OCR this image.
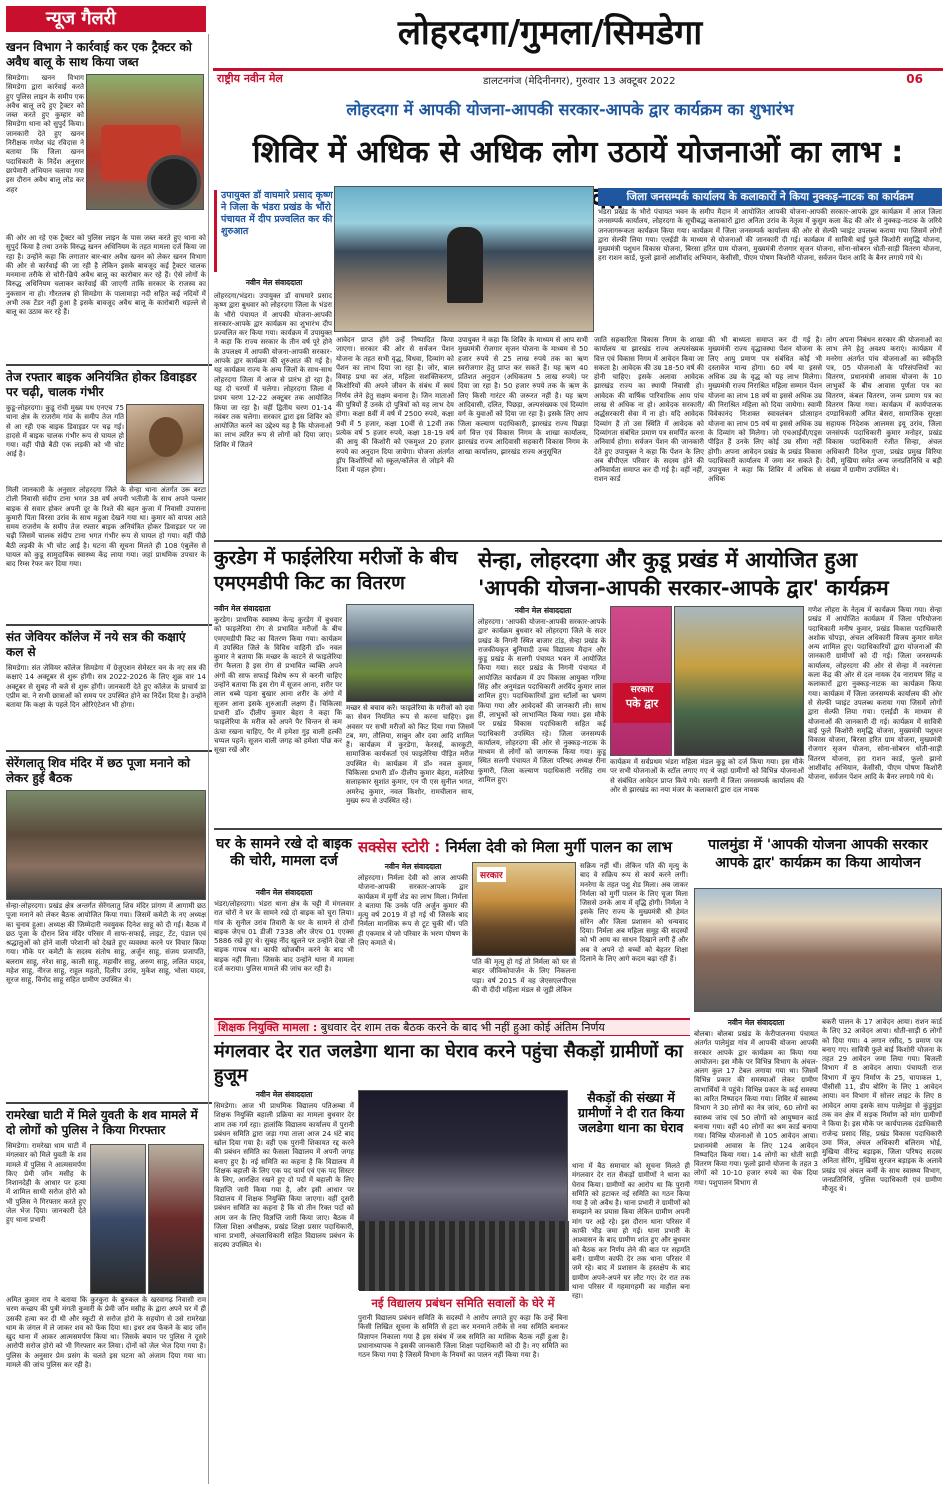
न्यूज गैलरी	लोहरदगा/गुमला/सिमडेगा
राष्ट्रीय नवीन मेल	डालटनगंज (मेदिनीनगर), गुरुवार 13 अक्टूबर 2022	06
खनन विभाग ने कार्रवाई कर एक ट्रैक्टर को अवैध बालू के साथ किया जब्त
सिमडेगा। खनन विभाग सिमडेगा द्वारा कार्रवाई करते हुए पुलिस लाइन के समीप एक अवैध बालू लदे हुए ट्रैक्टर को जब्त करते हुए कुम्हार को सिमडेगा थाना को सुपुर्द किया। जानकारी देते हुए खनन निरीक्षक गणेश चंद्र रविदास ने बताया कि जिला खनन पदाधिकारी के निर्देश अनुसार छापेमारी अभियान चलाया गया इस दौरान अवैध बालू लोड कर शहर
की ओर आ रहे एक ट्रैक्टर को पुलिस लाइन के पास जब्त करते हुए थाना को सुपुर्द किया है तथा उनके विरुद्ध खनन अधिनियम के तहत मामला दर्ज किया जा रहा है। उन्होंने कहा कि लगातार बार-बार अवैध खनन को लेकर खनन विभाग की ओर से कार्रवाई की जा रही है लेकिन इसके बावजूद कई ट्रैक्टर चालक मनमाना तरीके से चोरी-छिपे अवैध बालू का कारोबार कर रहे हैं। ऐसे लोगों के विरुद्ध अधिनियम चलाकर कार्रवाई की जाएगी ताकि सरकार के राजस्व का नुकसान ना हो। गौरतलब हो सिमडेगा के पालामाड़ा नदी सहित कई नदियों में अभी तक टेंडर नहीं हुआ है इसके बावजूद अवैध बालू के कारोबारी धड़ल्ले से बालू का उठाव कर रहे हैं।
तेज रफ्तार बाइक अनियंत्रित होकर डिवाइडर पर चढ़ी, चालक गंभीर
कुडू-लोहरदगा। कुडू रांची मुख्य पथ एनएच 75 थाना क्षेत्र के राजरोम गांव के समीप तेज गति से आ रही एक बाइक डिवाइडर पर चढ़ गई। हादसे में बाइक चालक गंभीर रूप से घायल हो गया। वहीं पीछे बैठी एक लड़की को भी चोट आई है।
मिली जानकारी के अनुसार लोहरदगा जिले के सेन्हा थाना अंतर्गत उरू बरटा टोली निवासी संदीप टाना भगत 38 वर्ष अपनी भतीजी के साथ अपने पल्सर बाइक से सवार होकर अपनी दूर के रिश्ते की बहन कुजा में निवासी उपासना कुमारी पिता विरसा उरांव के साथ महुआ देखने गया था। कुमार को वापस आते समय राजरोम के समीप तेज रफ्तार बाइक अनियंत्रित होकर डिवाइडर पर जा चढ़ी जिसमें चालक संदीप टाना भगत गंभीर रूप से घायल हो गया। वहीं पीछे बैठी लड़की के भी चोट आई है। घटना की सूचना मिलते ही 108 एंबुलेंस से घायल को कुडू सामुदायिक स्वास्थ्य केंद्र लाया गया। जहां प्राथमिक उपचार के बाद रिम्स रेफर कर दिया गया।
संत जेवियर कॉलेज में नये सत्र की कक्षाएं कल से
सिमडेगा। संत जेवियर कॉलेज सिमडेगा में ग्रेजुएशन सेमेस्टर वन के नए सत्र की कक्षाएं 14 अक्टूबर से शुरू होंगी। सत्र 2022-2026 के लिए शुक्र वार 14 अक्टूबर से सुबह नौ बजे से शुरू होंगी। जानकारी देते हुए कॉलेज के प्राचार्य डा एप्रीम बा. ने सभी छात्राओं को समय पर उपस्थित होने का निर्देश दिया है। उन्होंने बताया कि कक्षा के पहले दिन ओरिएंटेशन भी होगा।
सेरेंगलातू शिव मंदिर में छठ पूजा मनाने को लेकर हुई बैठक
सेन्हा-लोहरदगा। प्रखंड क्षेत्र अन्तर्गत सेरेंगलातु शिव मंदिर प्रांगण में आगामी छठ पूजा मनाने को लेकर बैठक आयोजित किया गया। जिसमें कमेटी के नए अध्यक्ष का चुनाव हुआ। अध्यक्ष की जिम्मेदारी नवयुवक दिनेश साहू को दी गई। बैठक में छठ पूजा के दौरान शिव मंदिर परिसर में साफ-सफाई, लाइट, टेंट, पंडाल एवं श्रद्धालुओं को होने वाली परेशानी को देखते हुए व्यवस्था करने पर विचार किया गया। मौके पर कमेटी के सदस्य संतोष साहू, अर्जुन साहू, संजय प्रजापति, बलराम साहू, नरेश साहू, काली साहू, महावीर साहू, अरुण साहू, ललित यादव, महेश साहू, नीरज साहू, राहुल महतो, दिलीप उरांव, मुकेश साहू, भोला यादव, सूरज साहू, विनोद साहू सहित ग्रामीण उपस्थित थे।
रामरेखा घाटी में मिले युवती के शव मामले में दो लोगों को पुलिस ने किया गिरफ्तार
सिमडेगा। रामरेखा धाम घाटी में मंगलवार को मिले युवती के शव मामले में पुलिस ने आत्मसमर्पण किए प्रेमी जॉन मसीह के निशानदेही के आधार पर हत्या में शामिल साथी सरोज होरो को भी पुलिस ने गिरफ्तार करते हुए जेल भेज दिया। जानकारी देते हुए थाना प्रभारी
अमित कुमार राय ने बताया कि कुरकुरा के बुरुकल के खरवागढ़ निवासी राम चरण कच्छप की पुत्री मंगती कुमारी के प्रेमी जॉन मसीह के द्वारा अपने घर में ही उसकी हत्या कर दी थी और स्कूटी से सरोज होरो के सहयोग से उसे रामरेखा धाम के जंगल में ले जाकर शव को फेंक दिया था। इधर शव फेंकने के बाद जॉन खुद थाना में आकर आत्मसमर्पण किया था। जिसके बयान पर पुलिस ने दूसरे आरोपी सरोज होरो को भी गिरफ्तार कर लिया। दोनों को जेल भेज दिया गया है। पुलिस के अनुसार प्रेम प्रसंग के चलते इस घटना को अंजाम दिया गया था। मामले की जांच पुलिस कर रही है।
लोहरदगा में आपकी योजना-आपकी सरकार-आपके द्वार कार्यक्रम का शुभारंभ
शिविर में अधिक से अधिक लोग उठायें योजनाओं का लाभ :
उपायुक्त डॉ वाघमारे प्रसाद कृष्ण ने जिला के भंडरा प्रखंड के भौंरो पंचायत में दीप प्रज्वलित कर की शुरुआत
जिला जनसम्पर्क कार्यालय के कलाकारों ने किया नुक्कड़-नाटक का कार्यक्रम
भंडरा प्रखंड के भौरो पंचायत भवन के समीप मैदान में आयोजित आपकी योजना-आपकी सरकार-आपके द्वार कार्यक्रम में आज जिला जनसम्पर्क कार्यालय, लोहरदगा के सूचीबद्ध कलाकारों द्वारा अनिता उरांव के नेतृत्व में कुसुम कला केंद्र की ओर से नुक्कड़-नाटक के जरिये जनजागरूकता कार्यक्रम किया गया। कार्यक्रम में जिला जनसम्पर्क कार्यालय की ओर से सेल्फी प्वाइंट उपलब्ध कराया गया जिसमें लोगों द्वारा सेल्फी लिया गया। एलईडी के माध्यम से योजनाओं की जानकारी दी गई। कार्यक्रम में सावित्री बाई फुले किशोरी समृद्धि योजना, मुख्यमंत्री पशुधन विकास योजना, बिरसा हरित ग्राम योजना, मुख्यमंत्री रोजगार सृजन योजना, सोना-सोबरन धोती-साड़ी वितरण योजना, हरा राशन कार्ड, फूलो झानो आशीर्वाद अभियान, केसीसी, पीएम पोषण किशोरी योजना, सर्वजन पेंशन आदि के बैनर लगाये गये थे।
नवीन मेल संवाददाता
लोहरदगा/भंडरा। उपायुक्त डॉ वाघमारे प्रसाद कृष्ण द्वारा बुधवार को लोहरदगा जिला के भंडरा के भौंरो पंचायत में आपकी योजना-आपकी सरकार-आपके द्वार कार्यक्रम का शुभारंभ दीप प्रज्वलित कर किया गया। कार्यक्रम में उपायुक्त ने कहा कि राज्य सरकार के तीन वर्ष पूरे होने के उपलक्ष्य में आपकी योजना-आपकी सरकार-आपके द्वार कार्यक्रम की शुरुआत की गई है। यह कार्यक्रम राज्य के अन्य जिलों के साथ-साथ लोहरदगा जिला में आज से प्रारंभ हो रहा है। यह दो चरणों में चलेगा। लोहरदगा जिला में प्रथम चरण 12-22 अक्टूबर तक आयोजित किया जा रहा है। वहीं द्वितीय चरण 01-14 नवंबर तक चलेगा। सरकार द्वारा इस शिविर को आयोजित करने का उद्देश्य यह है कि योजनाओं का लाभ त्वरित रूप से लोगों को दिया जाए। शिविर में जितने
आवेदन प्राप्त होंगे उन्हें निष्पादित किया जाएगा। सरकार की ओर से सर्वजन पेंशन योजना के तहत सभी वृद्ध, विधवा, दिव्यांग को पेंशन का लाभ दिया जा रहा है। जोर, बाल विवाह प्रथा का अंत, महिला सशक्तिकरण, किशोरियों की अपने जीवन के संबंध में स्वयं निर्णय लेने हेतु सक्षम बनाना है। जिन माताओं की पुत्रियों हैं उनके दो पुत्रियों को यह लाभ देय होगा। कक्षा 8वीं में वर्ष में 2500 रुपये, कक्षा 9वीं में 5 हजार, कक्षा 10वीं से 12वीं तक प्रत्येक वर्ष 5 हजार रुपये, कक्षा 18-19 वर्ष की आयु की किशोरी को एकमुश्त 20 हजार रुपये का अनुदान दिया जायेगा। योजना अंतर्गत ड्रॉप किशोरियों को स्कूल/कॉलेज से जोड़ने की दिशा में पहल होगा।
उपायुक्त ने कहा कि शिविर के माध्यम से आप सभी मुख्यमंत्री रोजगार सृजन योजना के माध्यम से 50 हजार रुपये से 25 लाख रुपये तक का ऋण स्वरोजगार हेतु प्राप्त कर सकते हैं। यह ऋण 40 प्रतिशत अनुदान (अधिकतम 5 लाख रुपये) पर दिया जा रहा है। 50 हजार रुपये तक के ऋण के लिए किसी गारंटर की जरूरत नहीं है। यह ऋण आदिवासी, दलित, पिछड़ा, अल्पसंख्यक एवं दिव्यांग वर्ग के युवाओं को दिया जा रहा है। इसके लिए आप जिला कल्याण पदाधिकारी, झारखंड राज्य पिछड़ा वर्ग वित्त एवं विकास निगम के शाखा कार्यालय, झारखंड राज्य आदिवासी सहकारी विकास निगम के शाखा कार्यालय, झारखंड राज्य अनुसूचित
जाति सहकारिता विकास निगम के शाखा कार्यालय या झारखंड राज्य अल्पसंख्यक वित्त एवं विकास निगम में आवेदन किया जा सकता है। आवेदक की उम्र 18-50 वर्ष की होनी चाहिए। इसके अलावा आवेदक झारखंड राज्य का स्थायी निवासी हो। आवेदक की वार्षिक पारिवारिक आय पांच लाख से अधिक ना हो। आवेदक सरकारी/अर्द्धसरकारी सेवा में ना हो। यदि आवेदक दिव्यांग हैं तो उस स्थिति में आवेदक को दिव्यांगता संबंधित प्रमाण पत्र समर्पित करना अनिवार्य होगा। सर्वजन पेंशन की जानकारी देते हुए उपायुक्त ने कहा कि पेंशन के लिए अब बीपीएल परिवार के सदस्य होने की अनिवार्यता समाप्त कर दी गई है। वहीं नहीं, राशन कार्ड
की भी बाध्यता समाप्त कर दी गई है। मुख्यमंत्री राज्य वृद्धावस्था पेंशन योजना के लिए आयु प्रमाण पत्र संबंधित कोई भी दस्तावेज मान्य होगा। 60 वर्ष या इससे अधिक उम्र के वृद्ध को यह लाभ मिलेगा। मुख्यमंत्री राज्य निराश्रित महिला सम्मान पेंशन योजना का लाभ 18 वर्ष या इससे अधिक उम्र की निराश्रित महिला को दिया जायेगा। स्वामी विवेकानंद निःशक्त स्वावलंबन प्रोत्साहन योजना का लाभ 05 वर्ष या इससे अधिक उम्र के दिव्यांग को मिलेगा। जो एचआईवी/एड्स पीड़ित हैं उनके लिए कोई उम्र सीमा नहीं होगी। अपना आवेदन प्रखंड के प्रखंड विकास पदाधिकारी कार्यालय में जमा कर सकते हैं। उपायुक्त ने कहा कि शिविर में अधिक से अधिक
लोग अपना निबंधन सरकार की योजनाओं का लाभ लेने हेतु अवश्य कराएं। कार्यक्रम में मनरेगा अंतर्गत पांच योजनाओं का स्वीकृति पत्र, 05 योजनाओं के परिसंपत्तियों का वितरण, प्रधानमंत्री आवास योजना के 10 लाभुकों के बीच आवास पूर्णता पत्र का वितरण, कंबल वितरण, जन्म प्रमाण पत्र का वितरण किया गया। कार्यक्रम में कार्यपालक दण्डाधिकारी अमित बेसरा, सामाजिक सुरक्षा सहायक निदेशक आलमस इयू उरांव, जिला जनसंपर्क पदाधिकारी कुमार मनोहर, प्रखंड विकास पदाधिकारी रंजीत सिन्हा, अंचल अधिकारी दिनेश गुप्ता, प्रखंड प्रमुख विरिया देवी, मुखिया समेत अन्य जनप्रतिनिधि व बड़ी संख्या में ग्रामीण उपस्थित थे।
कुरडेग में फाईलेरिया मरीजों के बीच एमएमडीपी किट का वितरण
नवीन मेल संवाददाता
कुरडेग। प्राथमिक स्वास्थ्य केन्द्र कुरडेग में बुधवार को फाइलेरिया रोग से प्रभावित मरीजों के बीच एमएमडीपी किट का वितरण किया गया। कार्यक्रम में उपस्थित जिले के विविध वाहिनी डॉ० नवल कुमार ने बताया कि मच्छर के काटने से फाइलेरिया रोग फैलता है इस रोग से प्रभावित व्यक्ति अपने अंगों की साफ सफाई विशेष रूप से करनी चाहिए उन्होंने बताया कि इस रोग में सूजन आना, शरीर पर लाल धब्बे पड़ना बुखार आना शरीर के अंगो में सूजन आना इसके शुरुआती लक्षण हैं। चिकित्सा प्रभारी डॉ० दीलीप कुमार बेहरा ने कहा कि फाइलेरिया के मरीज को अपने पैर चिन्तन से कम ऊंचा रखना चाहिए, पैर में हमेशा गुड़ वाली हल्की चप्पल पहनें। सूजन वाली जगह को हमेशा पोंछ कर सूखा रखें और
मच्छर से बचाव करें। फाइलेरिया के मरीजों को दवा का सेवन नियमित रूप से करना चाहिए। इस अवसर पर सभी मरीजों को किट दिया गया जिसमें टब, मग, तौलिया, साबुन और दवा आदि शामिल हैं। कार्यक्रम में कुरडेगा, केरसई, कारकुटी, सामाजिक कार्यकर्ता एवं फाइलेरिया पीड़ित मरीज उपस्थित थे। कार्यक्रम में डॉ० नवल कुमार, चिकित्सा प्रभारी डॉ० दीलीप कुमार बेहरा, मलेरिया सलाहकार सुशांत कुमार, एन पी एस सुनील भगत, अमरेन्द्र कुमार, नवल किशोर, रामचीलान साय, मुख्य रूप से उपस्थित रहे।
सेन्हा, लोहरदगा और कुडू प्रखंड में आयोजित हुआ
'आपकी योजना-आपकी सरकार-आपके द्वार' कार्यक्रम
नवीन मेल संवाददाता
लोहरदगा। 'आपकी योजना-आपकी सरकार-आपके द्वार' कार्यक्रम बुधवार को लोहरदगा जिले के सदर प्रखंड के निगनी स्थित बाजार टांड, सेन्हा प्रखंड के राजकीयकृत बुनियादी उच्च विद्यालय मैदान और कुडू प्रखंड के सलगी पंचायत भवन में आयोजित किया गया। सदर प्रखंड के निगनी पंचायत में आयोजित कार्यक्रम में उप विकास आयुक्त गरिमा सिंह और अनुमंडल पदाधिकारी अरविंद कुमार लाल शामिल हुए। पदाधिकारियों द्वारा स्टॉलों का भ्रमण किया गया और आवेदकों की जानकारी ली। साथ ही, लाभुकों को लाभान्वित किया गया। इस मौके पर प्रखंड विकास पदाधिकारी सहित कई पदाधिकारी उपस्थित रहे। जिला जनसम्पर्क कार्यालय, लोहरदगा की ओर से नुक्कड़-नाटक के माध्यम से लोगों को जागरूक किया गया। कुडू स्थित सलगी पंचायत में जिला परिषद अध्यक्ष रीना कुमारी, जिला कल्याण पदाधिकारी नरसिंह राम शामिल हुए।
सरकार
पके द्वार
कार्यक्रम में सर्वप्रथम भंडरा महिला मंडल कुडू को दर्ज किया गया। इस मौके पर सभी योजनाओं के स्टॉल लगाए गए थे जहां ग्रामीणों को विभिन्न योजनाओं से संबंधित आवेदन प्राप्त किये गये। सलगी में जिला जनसम्पर्क कार्यालय की ओर से झारखंड का नया मंजर के कलाकारों द्वारा दल नायक
गणेश लोहरा के नेतृत्व में कार्यक्रम किया गया। सेन्हा प्रखंड में आयोजित कार्यक्रम में जिला परियोजना पदाधिकारी मनीष कुमार, प्रखंड विकास पदाधिकारी अशोक चोपड़ा, अंचल अधिकारी विजय कुमार समेत अन्य शामिल हुए। पदाधिकारियों द्वारा योजनाओं की जानकारी ग्रामीणों को दी गई। जिला जनसम्पर्क कार्यालय, लोहरदगा की ओर से सेन्हा में नवरंगला कला केंद्र की ओर से दल नायक देव नारायण सिंह व कलाकारों द्वारा नुक्कड़-नाटक का कार्यक्रम किया गया। कार्यक्रम में जिला जनसम्पर्क कार्यालय की ओर से सेल्फी प्वाइंट उपलब्ध कराया गया जिसमें लोगों द्वारा सेल्फी लिया गया। एलईडी के माध्यम से योजनाओं की जानकारी दी गई। कार्यक्रम में सावित्री बाई फुले किशोरी समृद्धि योजना, मुख्यमंत्री पशुधन विकास योजना, बिरसा हरित ग्राम योजना, मुख्यमंत्री रोजगार सृजन योजना, सोना-सोबरन धोती-साड़ी वितरण योजना, हरा राशन कार्ड, फूलो झानो आशीर्वाद अभियान, केसीसी, पीएम पोषण किशोरी योजना, सर्वजन पेंशन आदि के बैनर लगाये गये थे।
घर के सामने रखे दो बाइक की चोरी, मामला दर्ज
नवीन मेल संवाददाता
भंडरा/लोहरदगा। भंडरा थाना क्षेत्र के चट्टी में मंगलवार रात चोरों ने घर के सामने रखे दो बाइक को चुरा लिया। गांव के सुनील उरांव तिवारी के घर के सामने से दोनों बाइक जेएच 01 डीजी 7338 और जेएच 01 एएक्स 5886 रखे हुए थे। सुबह नींद खुलने पर उन्होंने देखा तो बाइक गायब था। काफी खोजबीन करने के बाद भी बाइक नहीं मिला। जिसके बाद उन्होंने थाना में मामला दर्ज कराया। पुलिस मामले की जांच कर रही है।
सक्सेस स्टोरी : निर्मला देवी को मिला मुर्गी पालन का लाभ
नवीन मेल संवाददाता
लोहरदगा। निर्मला देवी को आज आपकी योजना-आपकी सरकार-आपके द्वार कार्यक्रम में मुर्गी शेड का लाभ मिला। निर्मला ने बताया कि उनके पति अर्जुन कुमार की मृत्यु वर्ष 2019 में हो गई थी जिसके बाद निर्मला मानसिक रूप से टूट चुकी थीं। पति ही एकमात्र थे जो परिवार के भरण पोषण के लिए कमाते थे।
सरकार
पति की मृत्यु हो गई तो निर्मला को घर से बाहर जीविकोपार्जन के लिए निकलना पड़ा। वर्ष 2015 में वह जेएसएलपीएस की वी दीदी महिला मंडल से जुड़ी लेकिन
सक्रिय नहीं थीं। लेकिन पति की मृत्यु के बाद वे सक्रिय रूप से कार्य करने लगीं। मनरेगा के तहत पशु शेड मिला। अब जाकर निर्मला को मुर्गी पालन के लिए चूजा मिला जिससे उनके आय में वृद्धि होगी। निर्मला ने इसके लिए राज्य के मुख्यमंत्री श्री हेमंत सोरेन और जिला प्रशासन को धन्यवाद दिया। निर्मला अब महिला समूह की सदस्यों को भी आय का साधन दिखाने लगी हैं और अब वे अपने दो बच्चों को बेहतर शिक्षा दिलाने के लिए आगे कदम बढ़ा रही हैं।
पालमुंडा में 'आपकी योजना आपकी सरकार आपके द्वार' कार्यक्रम का किया आयोजन
नवीन मेल संवाददाता
बोलबा। बोलबा प्रखंड के केरीपालनमा पंचायत अंतर्गत पालेमुंडा गांव में आपकी योजना आपकी सरकार आपके द्वार कार्यक्रम का किया गया आयोजन। इस मौके पर विभिन्न विभाग के अंचल-अलग कुल 17 टेबल लगाया गया था। जिसमें विभिन्न प्रकार की समस्याओं लेकर ग्रामीण लाभार्थियों ने पहुंचे। विभिन्न प्रकार के कई समस्या का त्वरित निष्पादन किया गया। शिविर में स्वास्थ्य विभाग ने 30 लोगों का नेत्र जांच, 60 लोगों का स्वास्थ्य जांच एवं 50 लोगों को आयुष्मान कार्ड बनाया गया। वहीं 40 लोगों का श्रम कार्ड बनाया गया। विभिन्न योजनाओं से 105 आवेदन आया। प्रधानमंत्री आवास के लिए 124 आवेदन निष्पादित किया गया। 14 लोगों का धोती साड़ी वितरण किया गया। फूलो झानो योजना के तहत 3 लोगों को 10-10 हजार रुपये का चेक दिया गया। पशुपालन विभाग से
बकरी पालन के 17 आवेदन आया। राशन कार्ड के लिए 32 आवेदन आया। धोती-साड़ी 6 लोगों को दिया गया। 4 लगान रसीद, 5 प्रमाण पत्र बनाए गए। सावित्री फुले बाई किशोरी योजना के तहत 29 आवेदन जमा लिया गया। बिजली विभाग में 8 आवेदन आया। पंचायती राज विभाग में कूप निर्माण के 25, चापाकल 1, पीसीसी 11, डीप बोरिंग के लिए 1 आवेदन आया। वन विभाग में सोलर लाइट के लिए 8 आवेदन आया इसके साथ पालेमुंडा से कुंडुमुंडा तक वन क्षेत्र में सड़क निर्माण को मांग ग्रामीणों ने किया है। इस मौके पर कार्यपालक दंडाधिकारी राजेन्द्र प्रसाद सिंह, प्रखंड विकास पदाधिकारी उमा मिंज, अंचल अधिकारी बलिराम भोई, मुखिया वीरेन्द्र बड़ाइक, जिला परिषद सदस्य अनिता सेरिंग, मुखिया सुरजन बड़ाइक के अलावे प्रखंड एवं अंचल कर्मी के साथ स्वास्थ्य विभाग, जनप्रतिनिधि, पुलिस पदाधिकारी एवं ग्रामीण मौजूद थे।
शिक्षक नियुक्ति मामला : बुधवार देर शाम तक बैठक करने के बाद भी नहीं हुआ कोई अंतिम निर्णय
मंगलवार देर रात जलडेगा थाना का घेराव करने पहुंचा सैकड़ों ग्रामीणों का हुजूम
नवीन मेल संवाददाता
सिमडेगा। आज भी प्राथमिक विद्यालय पतिअम्बा में शिक्षक नियुक्ति बहाली प्रक्रिया का मामला बुधवार देर शाम तक गर्म रहा। हालांकि विद्यालय कार्यालय में पुरानी प्रबंधन समिति द्वारा जड़ा गया ताला आज 24 घंटे बाद खोल दिया गया है। वहीं एक पुरानी शिकायत रद्द करने की प्रबंधन समिति का फैसला विद्यालय में अपनी जगह बनाए हुए है। नई समिति का कहना है कि विद्यालय में शिक्षक बहाली के लिए एक पद फार्म एवं एक पद सिस्टर के लिए, आरक्षित रखने हुए दो पदों में बहाली के लिए विज्ञप्ति जारी किया गया है, और इसी आधार पर विद्यालय में शिक्षक नियुक्ति किया जाएगा। वहीं दूसरी प्रबंधन समिति का कहना है कि वो तीन रिक्त पदों को आम जन के लिए विज्ञप्ति जारी किया जाए। बैठक में जिला शिक्षा अधीक्षक, प्रखंड शिक्षा प्रसार पदाधिकारी, थाना प्रभारी, अंचलाधिकारी सहित विद्यालय प्रबंधन के सदस्य उपस्थित थे।
सैकड़ों की संख्या में ग्रामीणों ने दी रात किया जलडेगा थाना का घेराव
थाना में बैठ समाचार को सूचना मिलते ही मंगलवार देर रात सैकड़ों ग्रामीणों ने थाना का घेराव किया। ग्रामीणों का आरोप था कि पुरानी समिति को हटाकर नई समिति का गठन किया गया है जो अवैध है। थाना प्रभारी ने ग्रामीणों को समझाने का प्रयास किया लेकिन ग्रामीण अपनी मांग पर अड़े रहे। इस दौरान थाना परिसर में काफी भीड़ जमा हो गई। थाना प्रभारी के आश्वासन के बाद ग्रामीण शांत हुए और बुधवार को बैठक कर निर्णय लेने की बात पर सहमति बनी। ग्रामीण काफी देर तक थाना परिसर में जमे रहे। बाद में प्रशासन के हस्तक्षेप के बाद ग्रामीण अपने-अपने घर लौट गए। देर रात तक थाना परिसर में गहमागहमी का माहौल बना रहा।
नई विद्यालय प्रबंधन समिति सवालों के घेरे में
पुरानी विद्यालय प्रबंधन समिति के सदस्यों ने आरोप लगाते हुए कहा कि उन्हें बिना किसी लिखित सूचना के समिति से हटा कर मनमाने तरीके से नया समिति बनाकर विज्ञापन निकाला गया है इस संबंध में जब समिति का मासिक बैठक नहीं हुआ है। प्रधानाध्यापक ने इसकी जानकारी जिला शिक्षा पदाधिकारी को दी है। नए समिति का गठन किया गया है जिसमें विभाग के नियमों का पालन नहीं किया गया है।
